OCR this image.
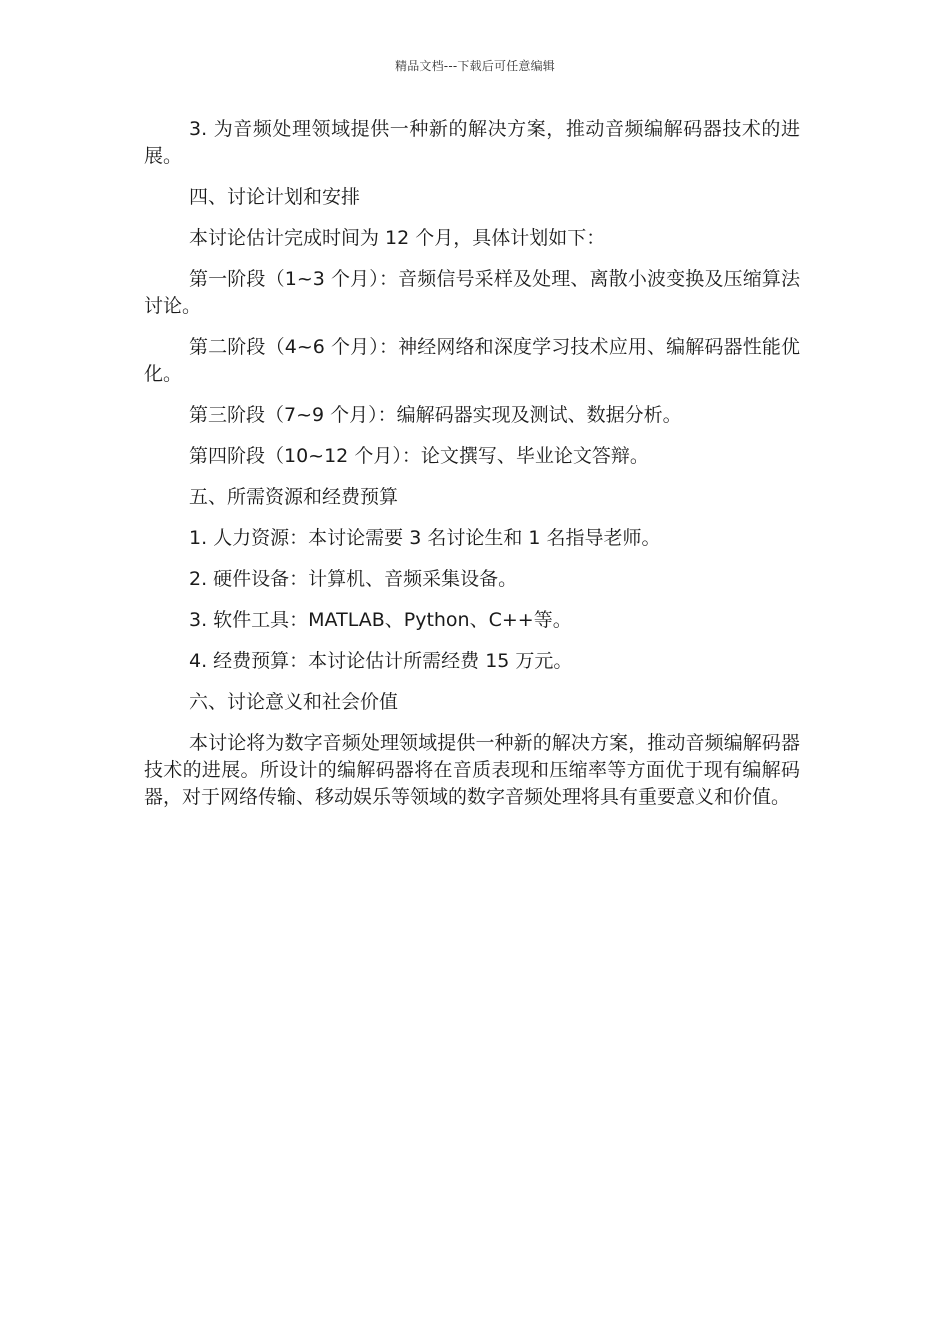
精品文档---下载后可任意编辑

3. 为音频处理领域提供一种新的解决方案，推动音频编解码器技术的进展。

四、讨论计划和安排

本讨论估计完成时间为 12 个月，具体计划如下：

第一阶段（1~3 个月）：音频信号采样及处理、离散小波变换及压缩算法讨论。

第二阶段（4~6 个月）：神经网络和深度学习技术应用、编解码器性能优化。

第三阶段（7~9 个月）：编解码器实现及测试、数据分析。

第四阶段（10~12 个月）：论文撰写、毕业论文答辩。

五、所需资源和经费预算

1. 人力资源：本讨论需要 3 名讨论生和 1 名指导老师。

2. 硬件设备：计算机、音频采集设备。

3. 软件工具：MATLAB、Python、C++等。

4. 经费预算：本讨论估计所需经费 15 万元。

六、讨论意义和社会价值

本讨论将为数字音频处理领域提供一种新的解决方案，推动音频编解码器技术的进展。所设计的编解码器将在音质表现和压缩率等方面优于现有编解码器，对于网络传输、移动娱乐等领域的数字音频处理将具有重要意义和价值。
